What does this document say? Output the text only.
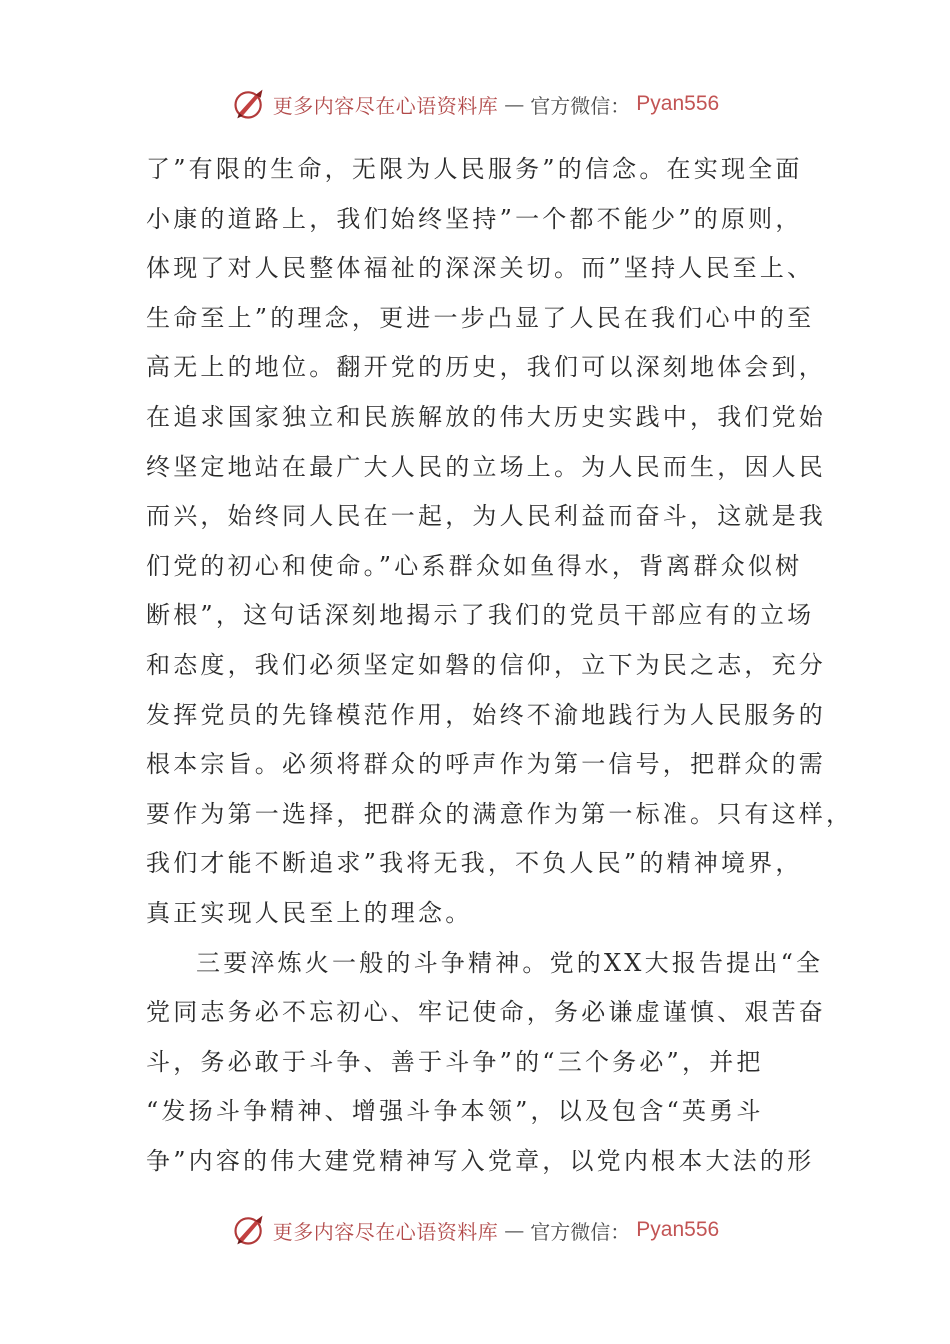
更多内容尽在心语资料库 — 官方微信： Pyan556
了”有限的生命，无限为人民服务”的信念。在实现全面
小康的道路上，我们始终坚持”一个都不能少”的原则，
体现了对人民整体福祉的深深关切。而”坚持人民至上、
生命至上”的理念，更进一步凸显了人民在我们心中的至
高无上的地位。翻开党的历史，我们可以深刻地体会到，
在追求国家独立和民族解放的伟大历史实践中，我们党始
终坚定地站在最广大人民的立场上。为人民而生，因人民
而兴，始终同人民在一起，为人民利益而奋斗，这就是我
们党的初心和使命。”心系群众如鱼得水，背离群众似树
断根”，这句话深刻地揭示了我们的党员干部应有的立场
和态度，我们必须坚定如磐的信仰，立下为民之志，充分
发挥党员的先锋模范作用，始终不渝地践行为人民服务的
根本宗旨。必须将群众的呼声作为第一信号，把群众的需
要作为第一选择，把群众的满意作为第一标准。只有这样，
我们才能不断追求”我将无我，不负人民”的精神境界，
真正实现人民至上的理念。
三要淬炼火一般的斗争精神。党的XX大报告提出“全
党同志务必不忘初心、牢记使命，务必谦虚谨慎、艰苦奋
斗，务必敢于斗争、善于斗争”的“三个务必”，并把
“发扬斗争精神、增强斗争本领”，以及包含“英勇斗
争”内容的伟大建党精神写入党章，以党内根本大法的形
更多内容尽在心语资料库 — 官方微信： Pyan556
